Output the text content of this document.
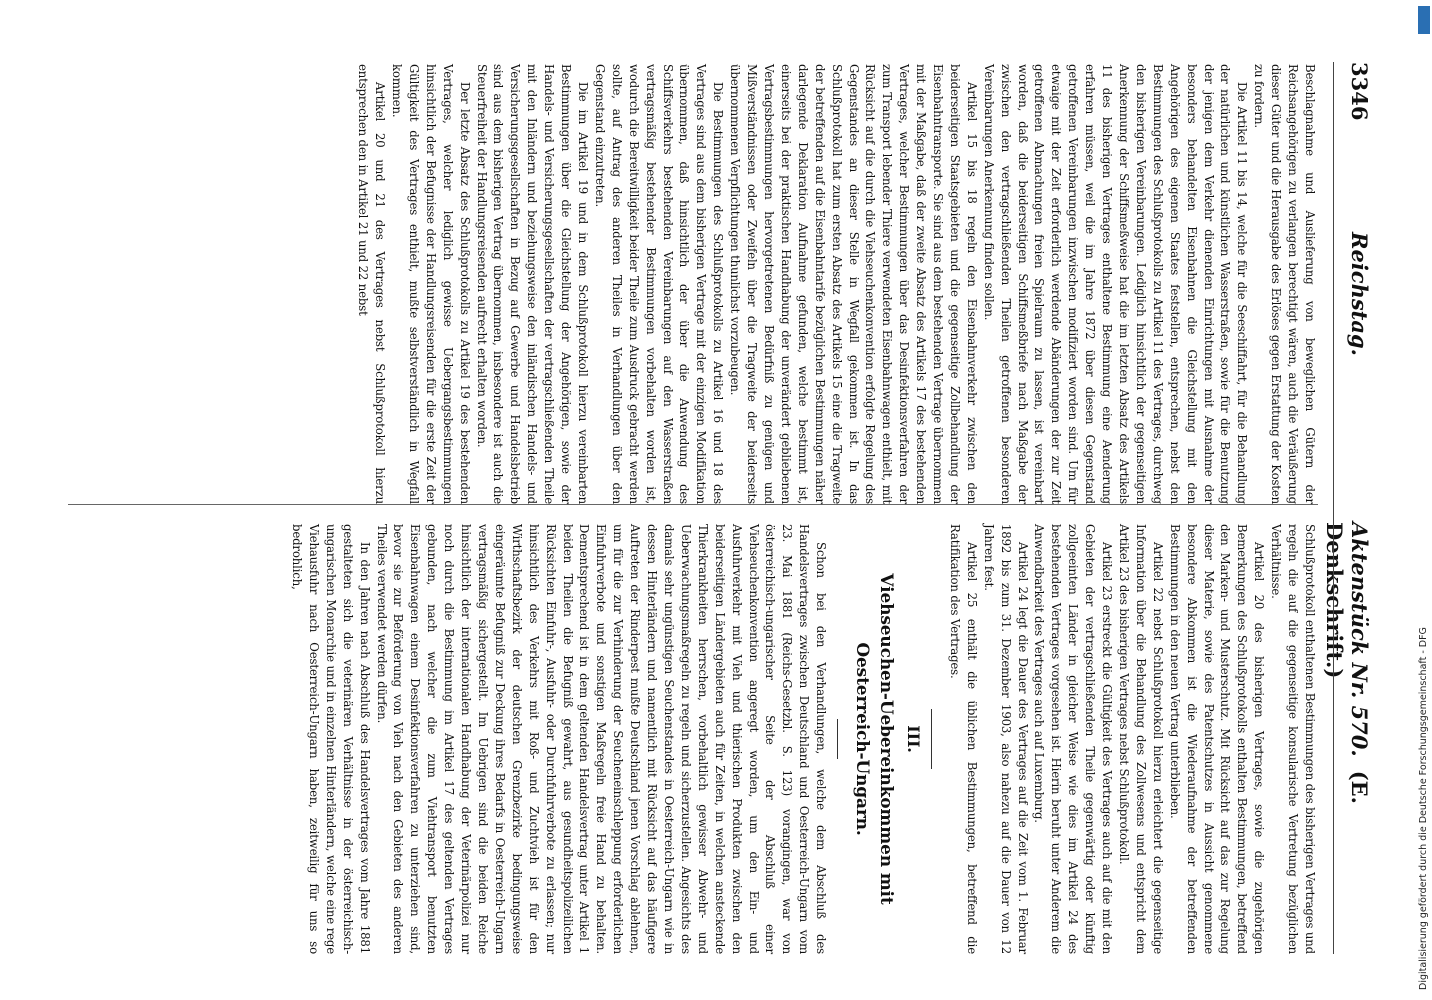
3346
Reichstag.
Aktenstück Nr. 570.(E. Denkschrift.)

Beschlagnahme und Auslieferung von beweglichen Gütern der Reichsangehörigen zu verlangen berechtigt wären, auch die Veräußerung dieser Güter und die Herausgabe des Erlöses gegen Erstattung der Kosten zu fordern.

Die Artikel 11 bis 14, welche für die Seeschiffahrt, für die Behandlung der natürlichen und künstlichen Wasserstraßen, sowie für die Benutzung der jenigen dem Verkehr dienenden Einrichtungen mit Ausnahme der besonders behandelten Eisenbahnen die Gleichstellung mit den Angehörigen des eigenen Staates feststellen, entsprechen, nebst den Bestimmungen des Schlußprotokolls zu Artikel 11 des Vertrages, durchweg den bisherigen Vereinbarungen. Lediglich hinsichtlich der gegenseitigen Anerkennung der Schiffsmeßweise hat die im letzten Absatz des Artikels 11 des bisherigen Vertrages enthaltene Bestimmung eine Aenderung erfahren müssen, weil die im Jahre 1872 über diesen Gegenstand getroffenen Vereinbarungen inzwischen modifiziert worden sind. Um für etwaige mit der Zeit erforderlich werdende Abänderungen der zur Zeit getroffenen Abmachungen freien Spielraum zu lassen, ist vereinbart worden, daß die beiderseitigen Schiffsmeßbriefe nach Maßgabe der zwischen den vertragschließenden Theilen getroffenen besonderen Vereinbarungen Anerkennung finden sollen.

Artikel 15 bis 18 regeln den Eisenbahnverkehr zwischen den beiderseitigen Staatsgebieten und die gegenseitige Zollbehandlung der Eisenbahntransporte. Sie sind aus dem bestehenden Vertrage übernommen mit der Maßgabe, daß der zweite Absatz des Artikels 17 des bestehenden Vertrages, welcher Bestimmungen über das Desinfektionsverfahren der zum Transport lebender Thiere verwendeten Eisenbahnwagen enthielt, mit Rücksicht auf die durch die Viehseuchenkonvention erfolgte Regelung des Gegenstandes an dieser Stelle in Wegfall gekommen ist. In das Schlußprotokoll hat zum ersten Absatz des Artikels 15 eine die Tragweite der betreffenden auf die Eisenbahntarife bezüglichen Bestimmungen näher darlegende Deklaration Aufnahme gefunden, welche bestimmt ist, einerseits bei der praktischen Handhabung der unverändert gebliebenen Vertragsbestimmungen hervorgetretenen Bedürfniß zu genügen und Mißverständnissen oder Zweifeln über die Tragweite der beiderseits übernommenen Verpflichtungen thunlichst vorzubeugen.

Die Bestimmungen des Schlußprotokolls zu Artikel 16 und 18 des Vertrages sind aus dem bisherigen Vertrage mit der einzigen Modifikation übernommen, daß hinsichtlich der über die Anwendung des Schiffsverkehrs bestehenden Vereinbarungen auf den Wasserstraßen vertragsmäßig bestehender Bestimmungen vorbehalten worden ist, wodurch die Bereitwilligkeit beider Theile zum Ausdruck gebracht werden sollte, auf Antrag des anderen Theiles in Verhandlungen über den Gegenstand einzutreten.

Die im Artikel 19 und in dem Schlußprotokoll hierzu vereinbarten Bestimmungen über die Gleichstellung der Angehörigen, sowie der Handels- und Versicherungsgesellschaften der vertragschließenden Theile mit den Inländern und beziehungsweise den inländischen Handels- und Versicherungsgesellschaften in Bezug auf Gewerbe und Handelsbetrieb sind aus dem bisherigen Vertrag übernommen, insbesondere ist auch die Steuerfreiheit der Handlungsreisenden aufrecht erhalten worden.

Der letzte Absatz des Schlußprotokolls zu Artikel 19 des bestehenden Vertrages, welcher lediglich gewisse Uebergangsbestimmungen hinsichtlich der Befugnisse der Handlungsreisenden für die erste Zeit der Gültigkeit des Vertrages enthielt, mußte selbstverständlich in Wegfall kommen.

Artikel 20 und 21 des Vertrages nebst Schlußprotokoll hierzu entsprechen den in Artikel 21 und 22 nebst

Schlußprotokoll enthaltenen Bestimmungen des bisherigen Vertrages und regeln die auf die gegenseitige konsularische Vertretung bezüglichen Verhältnisse.

Artikel 20 des bisherigen Vertrages, sowie die zugehörigen Bemerkungen des Schlußprotokolls enthalten Bestimmungen, betreffend den Marken- und Musterschutz. Mit Rücksicht auf das zur Regelung dieser Materie, sowie des Patentschutzes in Aussicht genommene besondere Abkommen ist die Wiederaufnahme der betreffenden Bestimmungen in den neuen Vertrag unterblieben.

Artikel 22 nebst Schlußprotokoll hierzu erleichtert die gegenseitige Information über die Behandlung des Zollwesens und entspricht dem Artikel 23 des bisherigen Vertrages nebst Schlußprotokoll.

Artikel 23 erstreckt die Gültigkeit des Vertrages auch auf die mit den Gebieten der vertragschließenden Theile gegenwärtig oder künftig zollgeeinten Länder in gleicher Weise wie dies im Artikel 24 des bestehenden Vertrages vorgesehen ist. Hierin beruht unter Anderem die Anwendbarkeit des Vertrages auch auf Luxemburg.

Artikel 24 legt die Dauer des Vertrages auf die Zeit vom 1. Februar 1892 bis zum 31. Dezember 1903, also nahezu auf die Dauer von 12 Jahren fest.

Artikel 25 enthält die üblichen Bestimmungen, betreffend die Ratifikation des Vertrages.

III.
Viehseuchen-Uebereinkommen mit Oesterreich-Ungarn.

Schon bei den Verhandlungen, welche dem Abschluß des Handelsvertrages zwischen Deutschland und Oesterreich-Ungarn vom 23. Mai 1881 (Reichs-Gesetzbl. S. 123) vorangingen, war von österreichisch-ungarischer Seite der Abschluß einer Viehseuchenkonvention angeregt worden, um den Ein- und Ausfuhrverkehr mit Vieh und thierischen Produkten zwischen den beiderseitigen Ländergebieten auch für Zeiten, in welchen ansteckende Thierkrankheiten herrschen, vorbehaltlich gewisser Abwehr- und Ueberwachungsmaßregeln zu regeln und sicherzustellen. Angesichts des damals sehr ungünstigen Seuchenstandes in Oesterreich-Ungarn wie in dessen Hinterländern und namentlich mit Rücksicht auf das häufigere Auftreten der Rinderpest mußte Deutschland jenen Vorschlag ablehnen, um für die zur Verhinderung der Seucheneinschleppung erforderlichen Einfuhrverbote und sonstigen Maßregeln freie Hand zu behalten. Dementsprechend ist in dem geltenden Handelsvertrag unter Artikel 1 beiden Theilen die Befugniß gewahrt, aus gesundheitspolizeilichen Rücksichten Einfuhr-, Ausfuhr- oder Durchfuhrverbote zu erlassen; nur hinsichtlich des Verkehrs mit Roß- und Zuchtvieh ist für den Wirthschaftsbezirk der deutschen Grenzbezirke bedingungsweise eingeräumte Befugniß zur Deckung ihres Bedarfs in Oesterreich-Ungarn vertragsmäßig sichergestellt. Im Uebrigen sind die beiden Reiche hinsichtlich der internationalen Handhabung der Veterinärpolizei nur noch durch die Bestimmung im Artikel 17 des geltenden Vertrages gebunden, nach welcher die zum Viehtransport benutzten Eisenbahnwagen einem Desinfektionsverfahren zu unterziehen sind, bevor sie zur Beförderung von Vieh nach den Gebieten des anderen Theiles verwendet werden dürfen.

In den Jahren nach Abschluß des Handelsvertrages vom Jahre 1881 gestalteten sich die veterinären Verhältnisse in der österreichisch-ungarischen Monarchie und in einzelnen Hinterländern, welche eine rege Viehausfuhr nach Oesterreich-Ungarn haben, zeitweilig für uns so bedrohlich,

Digitalisierung gefördert durch die Deutsche Forschungsgemeinschaft - DFG
